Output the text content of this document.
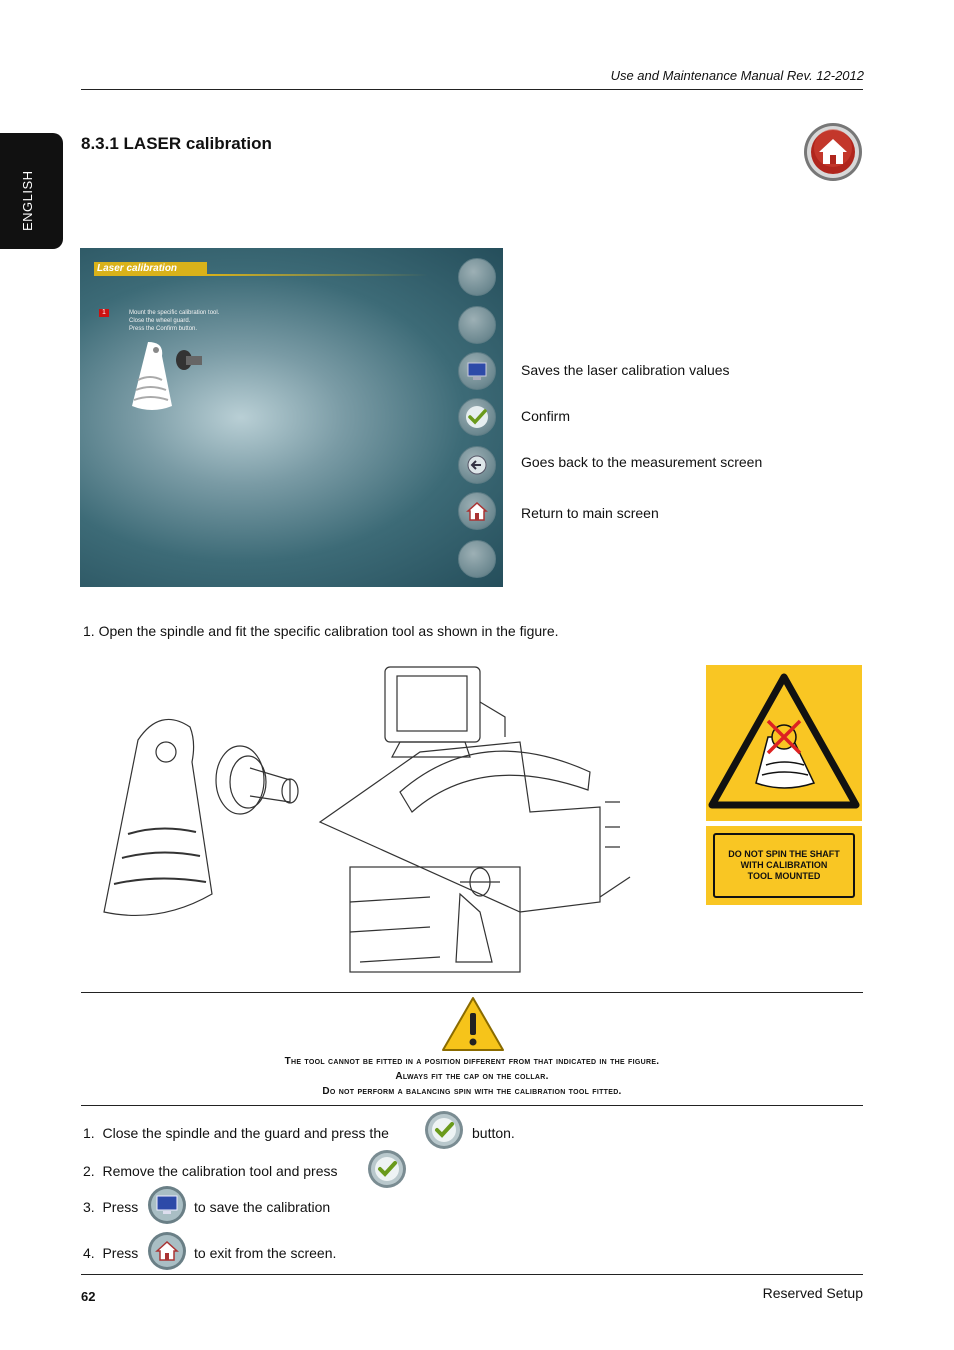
Use and Maintenance Manual Rev. 12-2012
ENGLISH
8.3.1 LASER calibration
Laser calibration
1	Mount the specific calibration tool.
Close the wheel guard.
Press the Confirm button.
Saves the laser calibration values
Confirm
Goes back to the measurement screen
Return to main screen
1. Open the spindle and fit the specific calibration tool as shown in the figure.
DO NOT SPIN THE SHAFT
WITH CALIBRATION
TOOL MOUNTED
The tool cannot be fitted in a position different from that indicated in the figure.
Always fit the cap on the collar.
Do not perform a balancing spin with the calibration tool fitted.
1. Close the spindle and the guard and press the	button.
2. Remove the calibration tool and press
3. Press	to save the calibration
4. Press	to exit from the screen.
62	Reserved Setup
